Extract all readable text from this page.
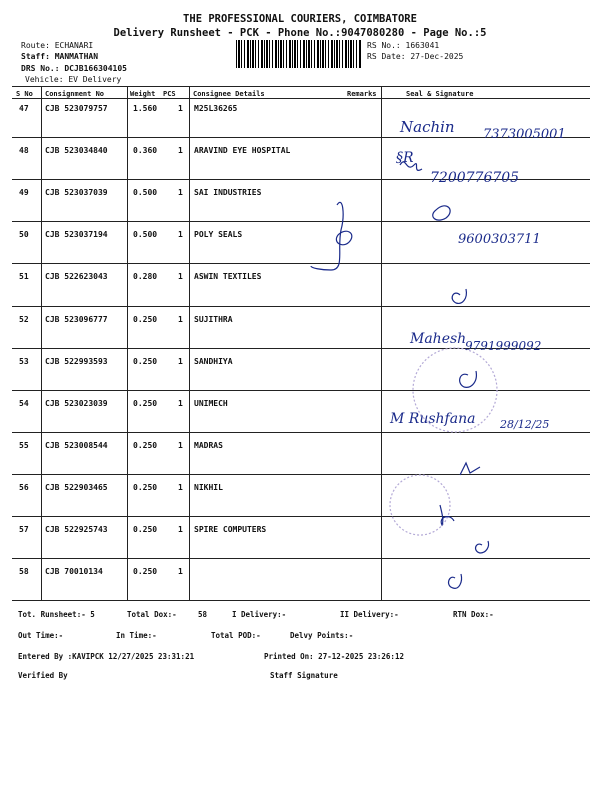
THE PROFESSIONAL COURIERS, COIMBATORE
Delivery Runsheet - PCK - Phone No.:9047080280 - Page No.:5
Route: ECHANARI
Staff: MANMATHAN
DRS No.: DCJB166304105
Vehicle: EV Delivery
RS No.: 1663041
RS Date: 27-Dec-2025
S No Consignment No	Weight PCS Consignee Details	Remarks	Seal & Signature
47 CJB 523079757	1.560	1 M25L36265
48 CJB 523034840	0.360	1 ARAVIND EYE HOSPITAL
49 CJB 523037039	0.500	1 SAI INDUSTRIES
50 CJB 523037194	0.500	1 POLY SEALS
51 CJB 522623043	0.280	1 ASWIN TEXTILES
52 CJB 523096777	0.250	1 SUJITHRA
53 CJB 522993593	0.250	1 SANDHIYA
54 CJB 523023039	0.250	1 UNIMECH
55 CJB 523008544	0.250	1 MADRAS
56 CJB 522903465	0.250	1 NIKHIL
57 CJB 522925743	0.250	1 SPIRE COMPUTERS
58 CJB 70010134	0.250	1
Nachin 7373005001
§R
7200776705
9600303711
Mahesh
9791999092
M Rushfana 28/12/25
Tot. Runsheet:- 5	Total Dox:-	58	I Delivery:-	II Delivery:-	RTN Dox:-
Out Time:-	In Time:-	Total POD:-	Delvy Points:-
Entered By :KAVIPCK 12/27/2025 23:31:21	Printed On: 27-12-2025 23:26:12
Verified By	Staff Signature
